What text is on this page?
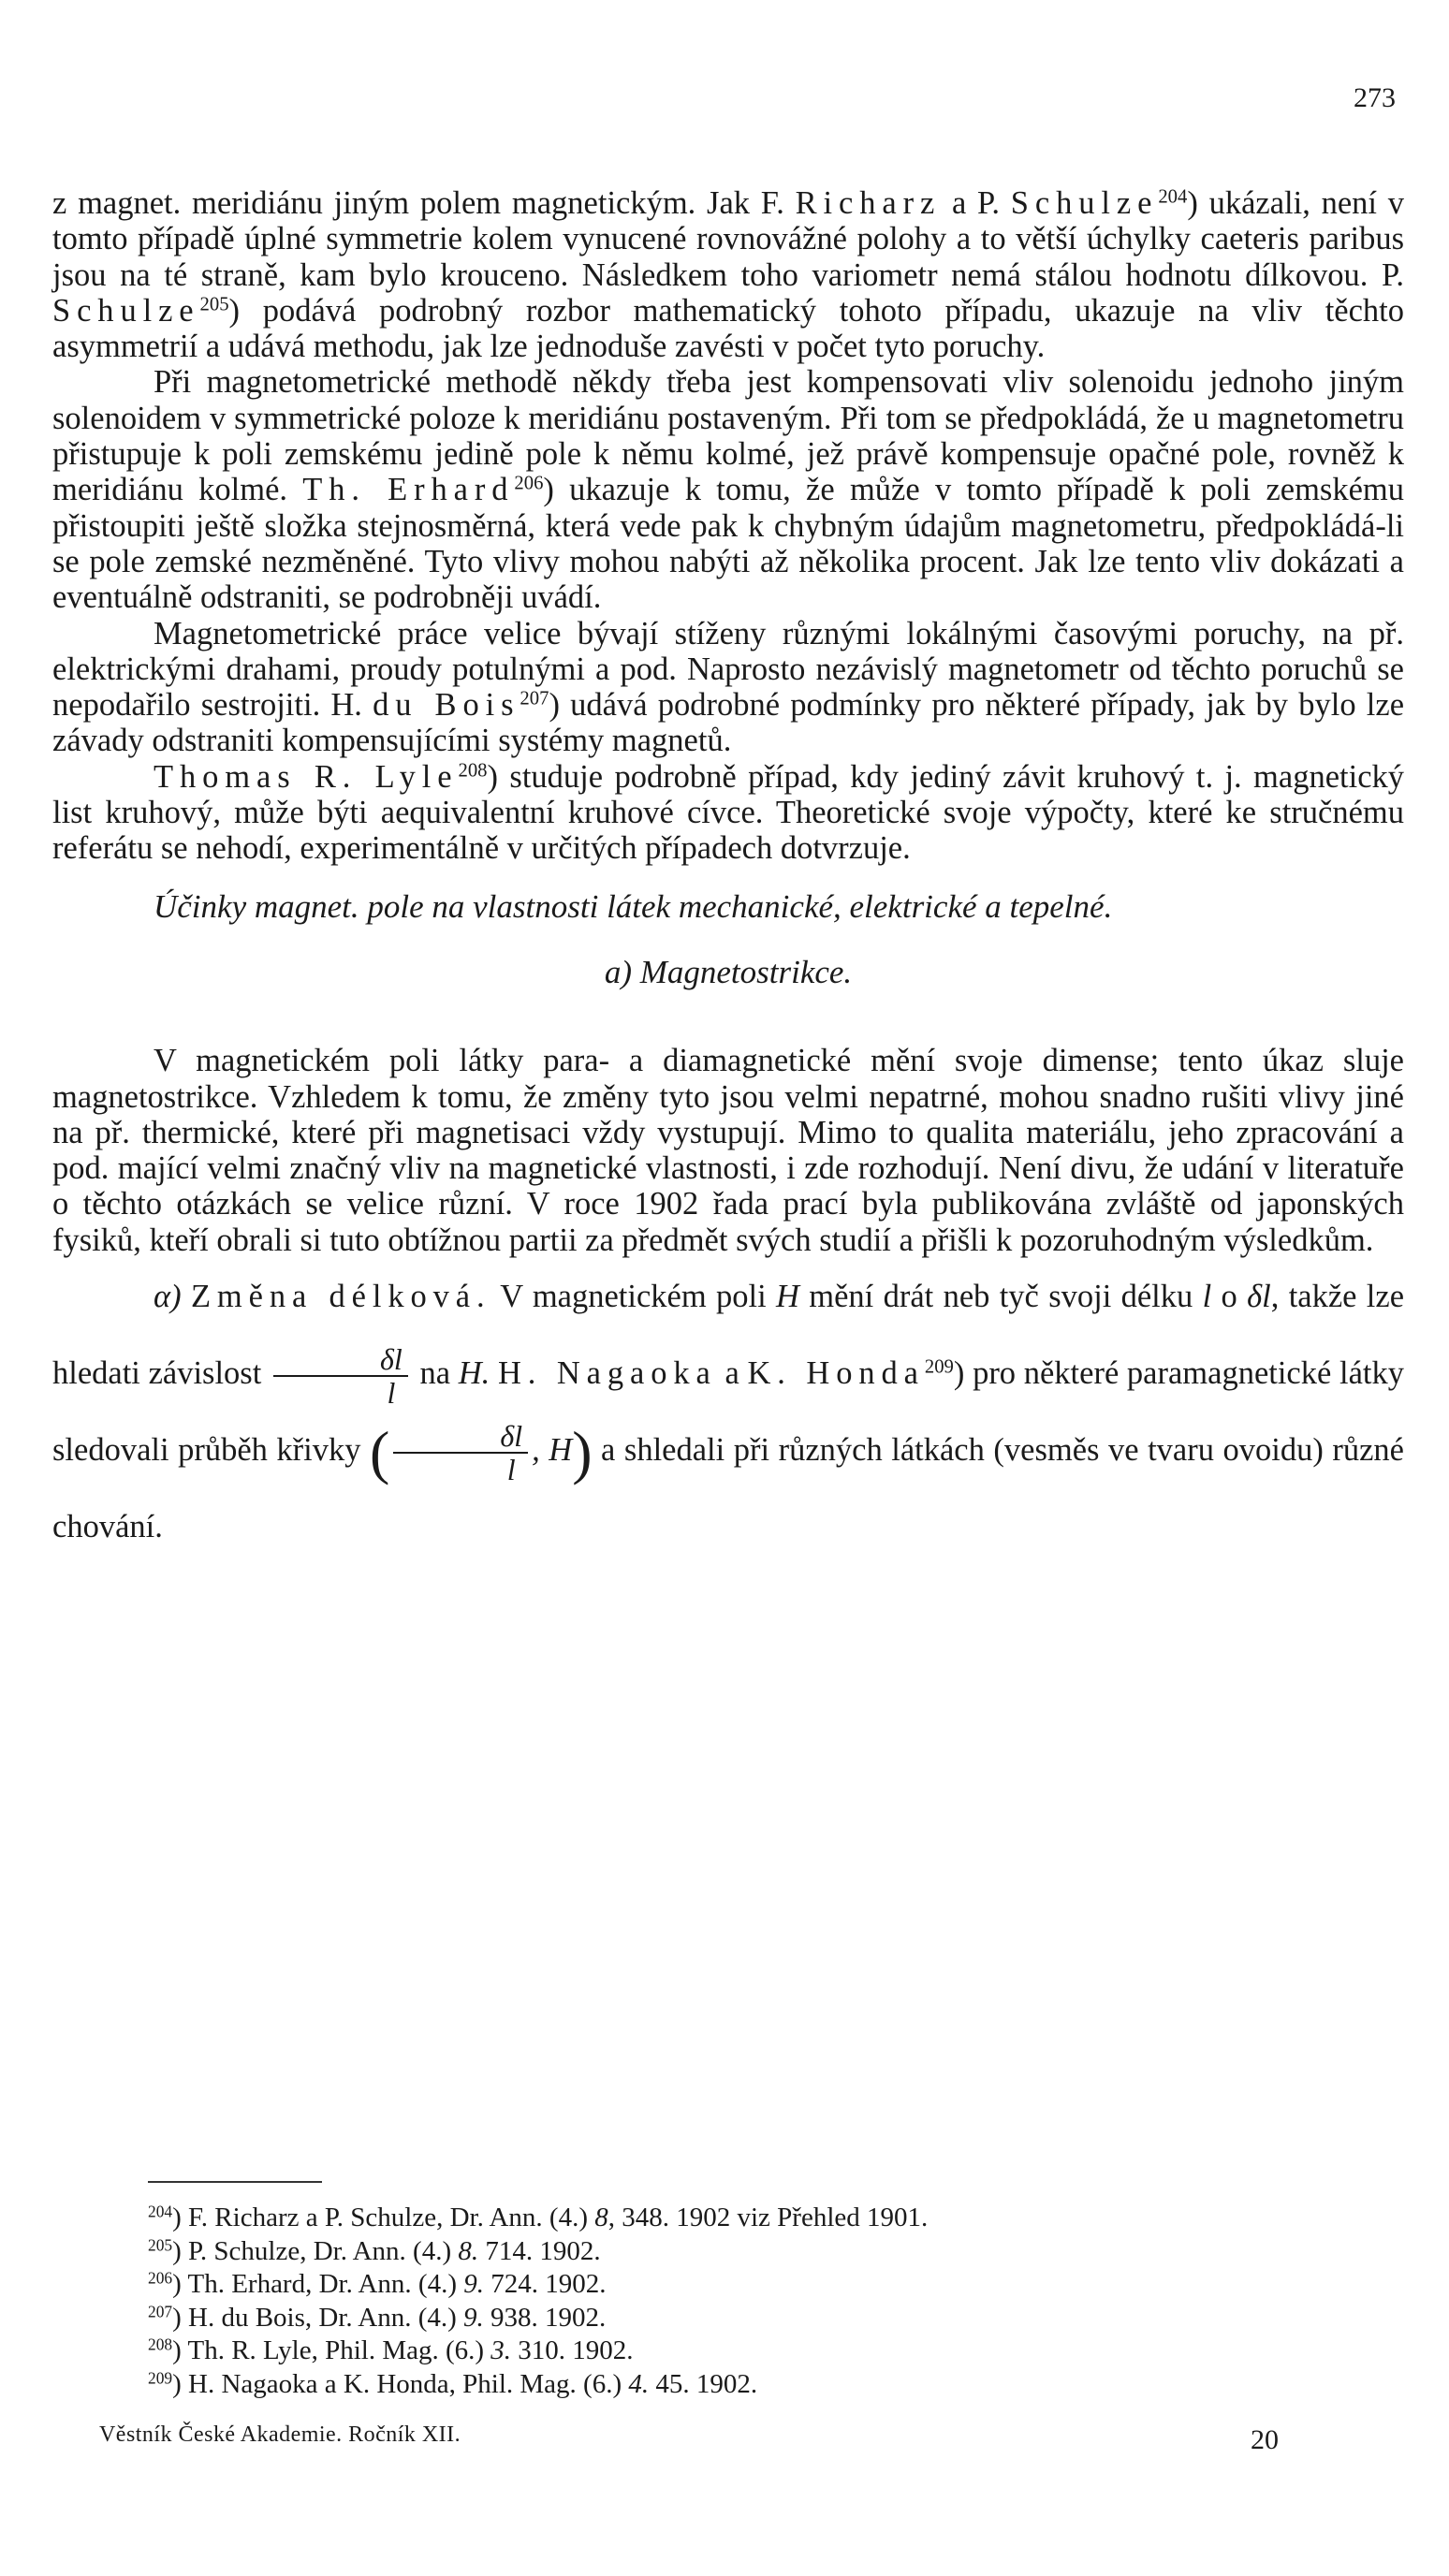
273

z magnet. meridiánu jiným polem magnetickým. Jak F. Richarz a P. Schulze$^{204}$) ukázali, není v tomto případě úplné symmetrie kolem vynucené rovnovážné polohy a to větší úchylky caeteris paribus jsou na té straně, kam bylo krouceno. Následkem toho variometr nemá stálou hodnotu dílkovou. P. Schulze$^{205}$) podává podrobný rozbor mathematický tohoto případu, ukazuje na vliv těchto asymmetrií a udává methodu, jak lze jednoduše zavésti v počet tyto poruchy.

Při magnetometrické methodě někdy třeba jest kompensovati vliv solenoidu jednoho jiným solenoidem v symmetrické poloze k meridiánu postaveným. Při tom se předpokládá, že u magnetometru přistupuje k poli zemskému jedině pole k němu kolmé, jež právě kompensuje opačné pole, rovněž k meridiánu kolmé. Th. Erhard$^{206}$) ukazuje k tomu, že může v tomto případě k poli zemskému přistoupiti ještě složka stejnosměrná, která vede pak k chybným údajům magnetometru, předpokládá-li se pole zemské nezměněné. Tyto vlivy mohou nabýti až několika procent. Jak lze tento vliv dokázati a eventuálně odstraniti, se podrobněji uvádí.

Magnetometrické práce velice bývají stíženy různými lokálnými časovými poruchy, na př. elektrickými drahami, proudy potulnými a pod. Naprosto nezávislý magnetometr od těchto poruchů se nepodařilo sestrojiti. H. du Bois$^{207}$) udává podrobné podmínky pro některé případy, jak by bylo lze závady odstraniti kompensujícími systémy magnetů.

Thomas R. Lyle$^{208}$) studuje podrobně případ, kdy jediný závit kruhový t. j. magnetický list kruhový, může býti aequivalentní kruhové cívce. Theoretické svoje výpočty, které ke stručnému referátu se nehodí, experimentálně v určitých případech dotvrzuje.

Účinky magnet. pole na vlastnosti látek mechanické, elektrické a tepelné.

a) Magnetostrikce.

V magnetickém poli látky para- a diamagnetické mění svoje dimense; tento úkaz sluje magnetostrikce. Vzhledem k tomu, že změny tyto jsou velmi nepatrné, mohou snadno rušiti vlivy jiné na př. thermické, které při magnetisaci vždy vystupují. Mimo to qualita materiálu, jeho zpracování a pod. mající velmi značný vliv na magnetické vlastnosti, i zde rozhodují. Není divu, že udání v literatuře o těchto otázkách se velice různí. V roce 1902 řada prací byla publikována zvláště od japonských fysiků, kteří obrali si tuto obtížnou partii za předmět svých studií a přišli k pozoruhodným výsledkům.

α) Změna délková. V magnetickém poli H mění drát neb tyč svoji délku l o δl, takže lze hledati závislost $\frac{\delta l}{l}$ na H. H. Nagaoka a K. Honda$^{209}$) pro některé paramagnetické látky sledovali průběh křivky ( $\frac{\delta l}{l}$ , H) a shledali při různých látkách (vesměs ve tvaru ovoidu) různé chování.

$^{204}$) F. Richarz a P. Schulze, Dr. Ann. (4.) 8, 348. 1902 viz Přehled 1901.

$^{205}$) P. Schulze, Dr. Ann. (4.) 8. 714. 1902.

$^{206}$) Th. Erhard, Dr. Ann. (4.) 9. 724. 1902.

$^{207}$) H. du Bois, Dr. Ann. (4.) 9. 938. 1902.

$^{208}$) Th. R. Lyle, Phil. Mag. (6.) 3. 310. 1902.

$^{209}$) H. Nagaoka a K. Honda, Phil. Mag. (6.) 4. 45. 1902.

Věstník České Akademie. Ročník XII.	20
